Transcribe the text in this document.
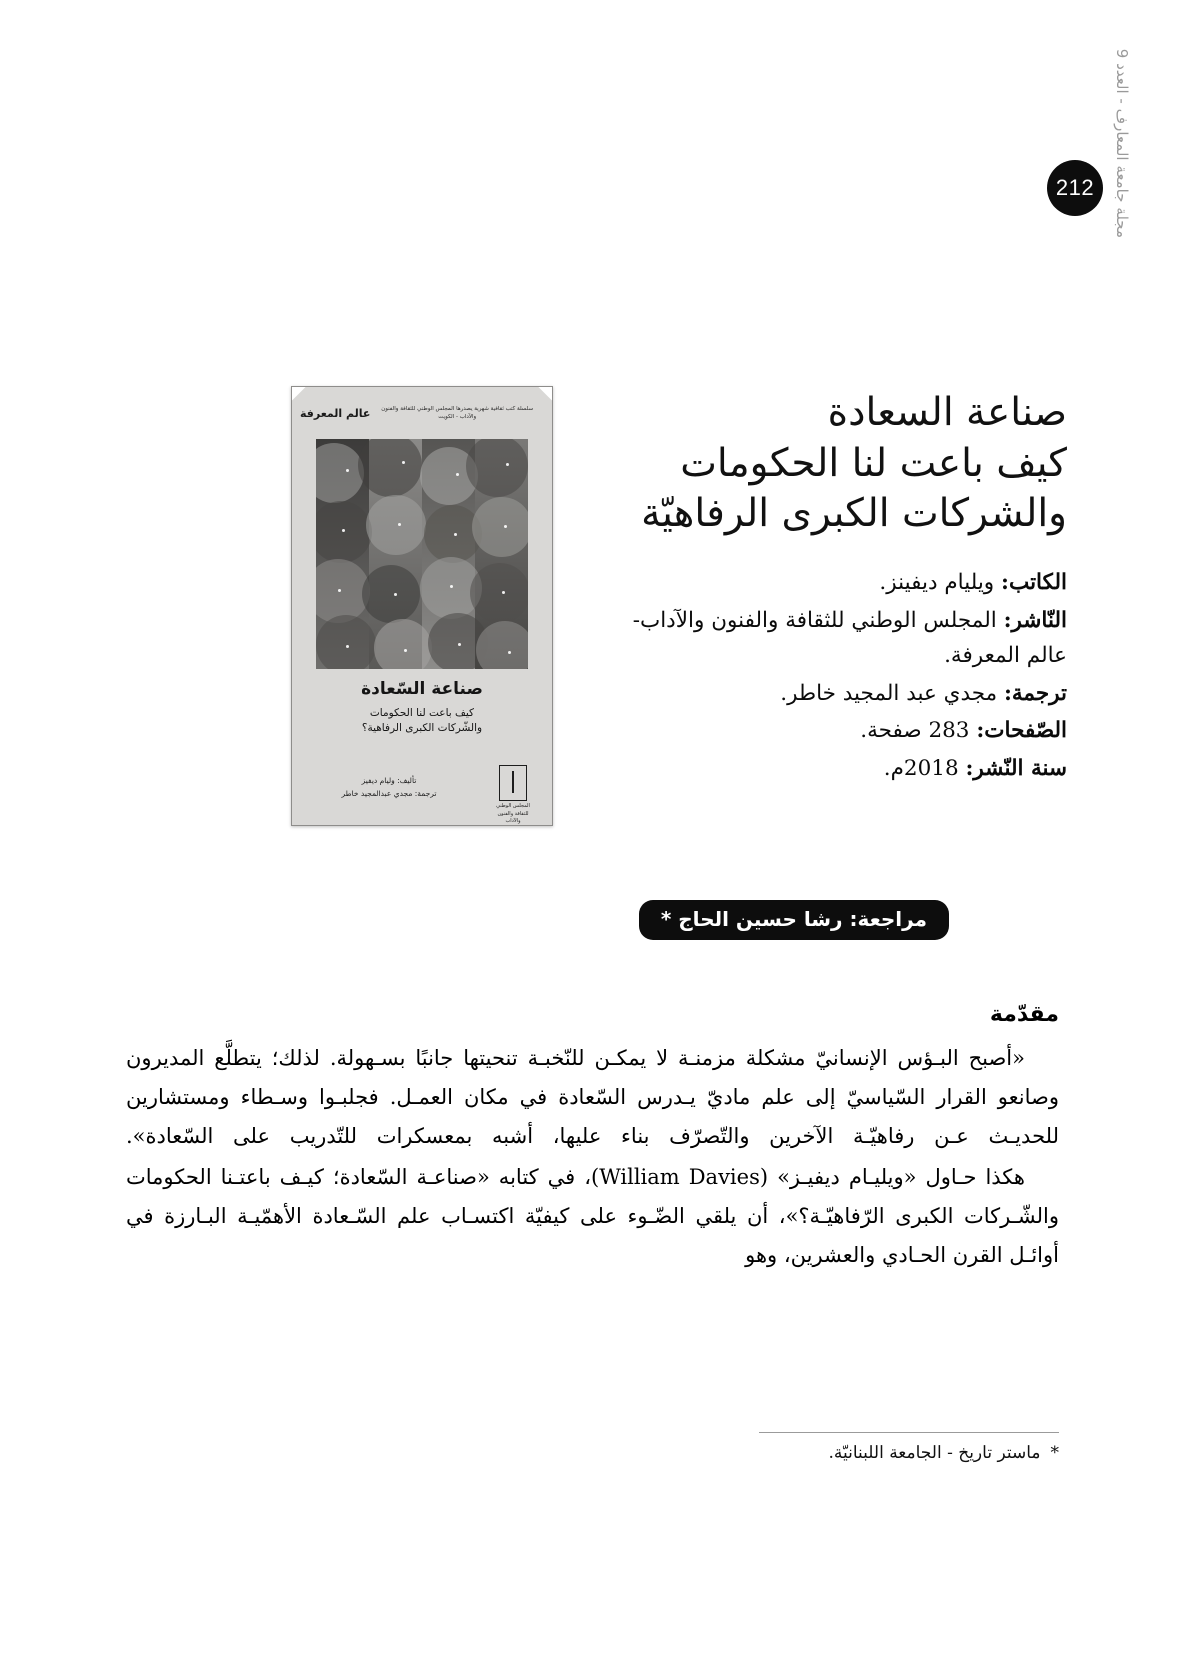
212
مجلة جامعة المعارف - العدد 9
صناعة السعادة
كيف باعت لنا الحكومات
والشركات الكبرى الرفاهيّة
الكاتب: ويليام ديفينز.
النّاشر: المجلس الوطني للثقافة والفنون والآداب- عالم المعرفة.
ترجمة: مجدي عبد المجيد خاطر.
الصّفحات: 283 صفحة.
سنة النّشر: 2018م.
سلسلة كتب ثقافية شهرية يصدرها المجلس الوطني للثقافة والفنون والآداب - الكويت
عالم المعرفة
صناعة السّعادة
كيف باعت لنا الحكومات
والشّركات الكبرى الرفاهية؟
تأليف: وليام ديفيز
ترجمة: مجدي عبدالمجيد خاطر
المجلس الوطني
للثقافة والفنون والآداب
مراجعة: رشا حسين الحاج *
مقدّمة

«أصبح البـؤس الإنسانيّ مشكلة مزمنـة لا يمكـن للنّخبـة تنحيتها جانبًا بسـهولة. لذلك؛ يتطلَّع المديرون وصانعو القرار السّياسيّ إلى علم ماديّ يـدرس السّعادة في مكان العمـل. فجلبـوا وسـطاء ومستشارين للحديـث عـن رفاهيّـة الآخرين والتّصرّف بناء عليها، أشبه بمعسكرات للتّدريب على السّعادة».

هكذا حـاول «ويليـام ديفيـز» (William Davies)، في كتابه «صناعـة السّعادة؛ كيـف باعتـنا الحكومات والشّـركات الكبرى الرّفاهيّـة؟»، أن يلقي الضّـوء على كيفيّة اكتسـاب علم السّـعادة الأهمّيـة البـارزة في أوائـل القرن الحـادي والعشرين، وهو

*ماستر تاريخ - الجامعة اللبنانيّة.
